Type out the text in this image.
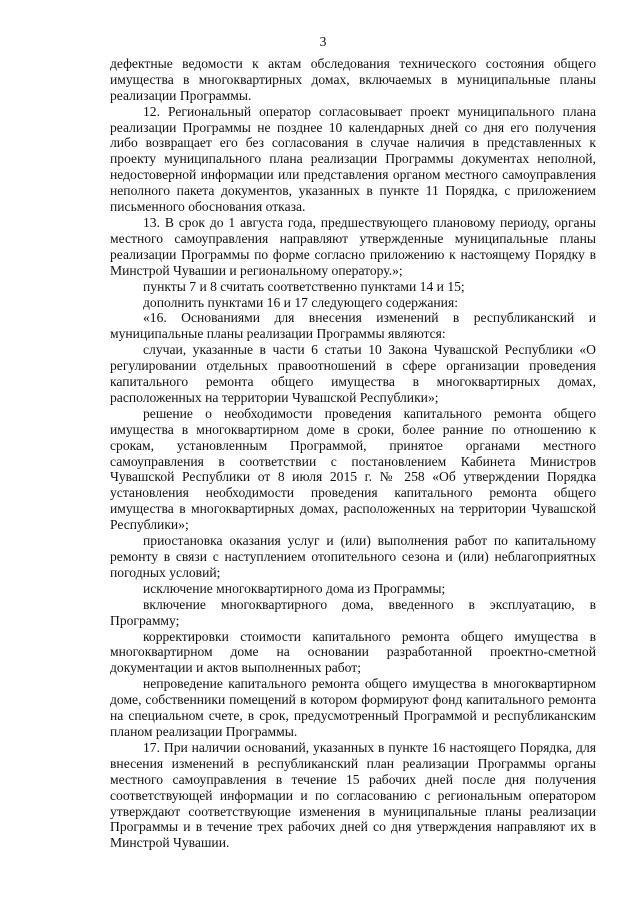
3

дефектные ведомости к актам обследования технического состояния общего имущества в многоквартирных домах, включаемых в муниципальные планы реализации Программы.

12. Региональный оператор согласовывает проект муниципального плана реализации Программы не позднее 10 календарных дней со дня его получения либо возвращает его без согласования в случае наличия в представленных к проекту муниципального плана реализации Программы документах неполной, недостоверной информации или представления органом местного самоуправления неполного пакета документов, указанных в пункте 11 Порядка, с приложением письменного обоснования отказа.

13. В срок до 1 августа года, предшествующего плановому периоду, органы местного самоуправления направляют утвержденные муниципальные планы реализации Программы по форме согласно приложению к настоящему Порядку в Минстрой Чувашии и региональному оператору.»;

пункты 7 и 8 считать соответственно пунктами 14 и 15;

дополнить пунктами 16 и 17 следующего содержания:

«16. Основаниями для внесения изменений в республиканский и муниципальные планы реализации Программы являются:

случаи, указанные в части 6 статьи 10 Закона Чувашской Республики «О регулировании отдельных правоотношений в сфере организации проведения капитального ремонта общего имущества в многоквартирных домах, расположенных на территории Чувашской Республики»;

решение о необходимости проведения капитального ремонта общего имущества в многоквартирном доме в сроки, более ранние по отношению к срокам, установленным Программой, принятое органами местного самоуправления в соответствии с постановлением Кабинета Министров Чувашской Республики от 8 июля 2015 г. № 258 «Об утверждении Порядка установления необходимости проведения капитального ремонта общего имущества в многоквартирных домах, расположенных на территории Чувашской Республики»;

приостановка оказания услуг и (или) выполнения работ по капитальному ремонту в связи с наступлением отопительного сезона и (или) неблагоприятных погодных условий;

исключение многоквартирного дома из Программы;

включение многоквартирного дома, введенного в эксплуатацию, в Программу;

корректировки стоимости капитального ремонта общего имущества в многоквартирном доме на основании разработанной проектно-сметной документации и актов выполненных работ;

непроведение капитального ремонта общего имущества в многоквартирном доме, собственники помещений в котором формируют фонд капитального ремонта на специальном счете, в срок, предусмотренный Программой и республиканским планом реализации Программы.

17. При наличии оснований, указанных в пункте 16 настоящего Порядка, для внесения изменений в республиканский план реализации Программы органы местного самоуправления в течение 15 рабочих дней после дня получения соответствующей информации и по согласованию с региональным оператором утверждают соответствующие изменения в муниципальные планы реализации Программы и в течение трех рабочих дней со дня утверждения направляют их в Минстрой Чувашии.
